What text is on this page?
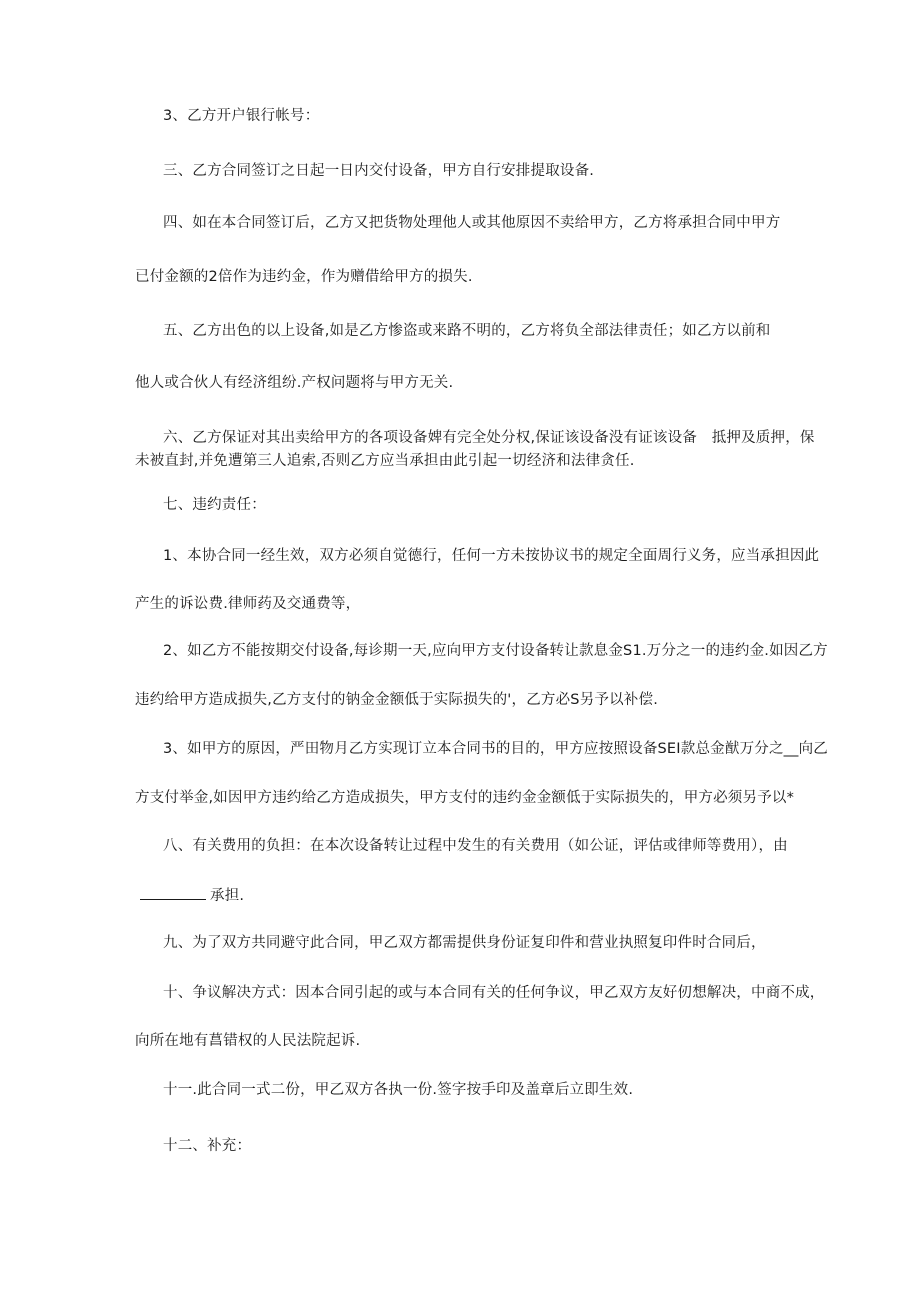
3、乙方开户银行帐号：
三、乙方合同签订之日起一日内交付设备，甲方自行安排提取设备.
四、如在本合同签订后，乙方又把货物处理他人或其他原因不卖给甲方，乙方将承担合同中甲方
已付金额的2倍作为违约金，作为赠借给甲方的损失.
五、乙方出色的以上设备,如是乙方惨盗或来路不明的，乙方将负全部法律责任；如乙方以前和
他人或合伙人有经济组纷.产权问题将与甲方无关.
六、乙方保证对其出卖给甲方的各项设备婢有完全处分权,保证该设备没有证该设备　抵押及质押，保
未被直封,并免遭第三人追索,否则乙方应当承担由此引起一切经济和法律贪任.
七、违约责任：
1、本协合同一经生效，双方必须自觉德行，任何一方未按协议书的规定全面周行义务，应当承担因此
产生的诉讼费.律师药及交通费等，
2、如乙方不能按期交付设备,每诊期一天,应向甲方支付设备转让款息金S1.万分之一的违约金.如因乙方
违约给甲方造成损失,乙方支付的钠金金额低于实际损失的'，乙方必S另予以补偿.
3、如甲方的原因，严田物月乙方实现订立本合同书的目的，甲方应按照设备SEI款总金猷万分之__向乙
方支付举金,如因甲方违约给乙方造成损失，甲方支付的违约金金额低于实际损失的，甲方必须另予以*
八、有关费用的负担：在本次设备转让过程中发生的有关费用（如公证，评估或律师等费用），由
承担.
九、为了双方共同避守此合同，甲乙双方都需提供身份证复印件和营业执照复印件时合同后，
十、争议解决方式：因本合同引起的或与本合同有关的任何争议，甲乙双方友好仞想解决，中商不成，
向所在地有菖错权的人民法院起诉.
十一.此合同一式二份，甲乙双方各执一份.签字按手印及盖章后立即生效.
十二、补充：
